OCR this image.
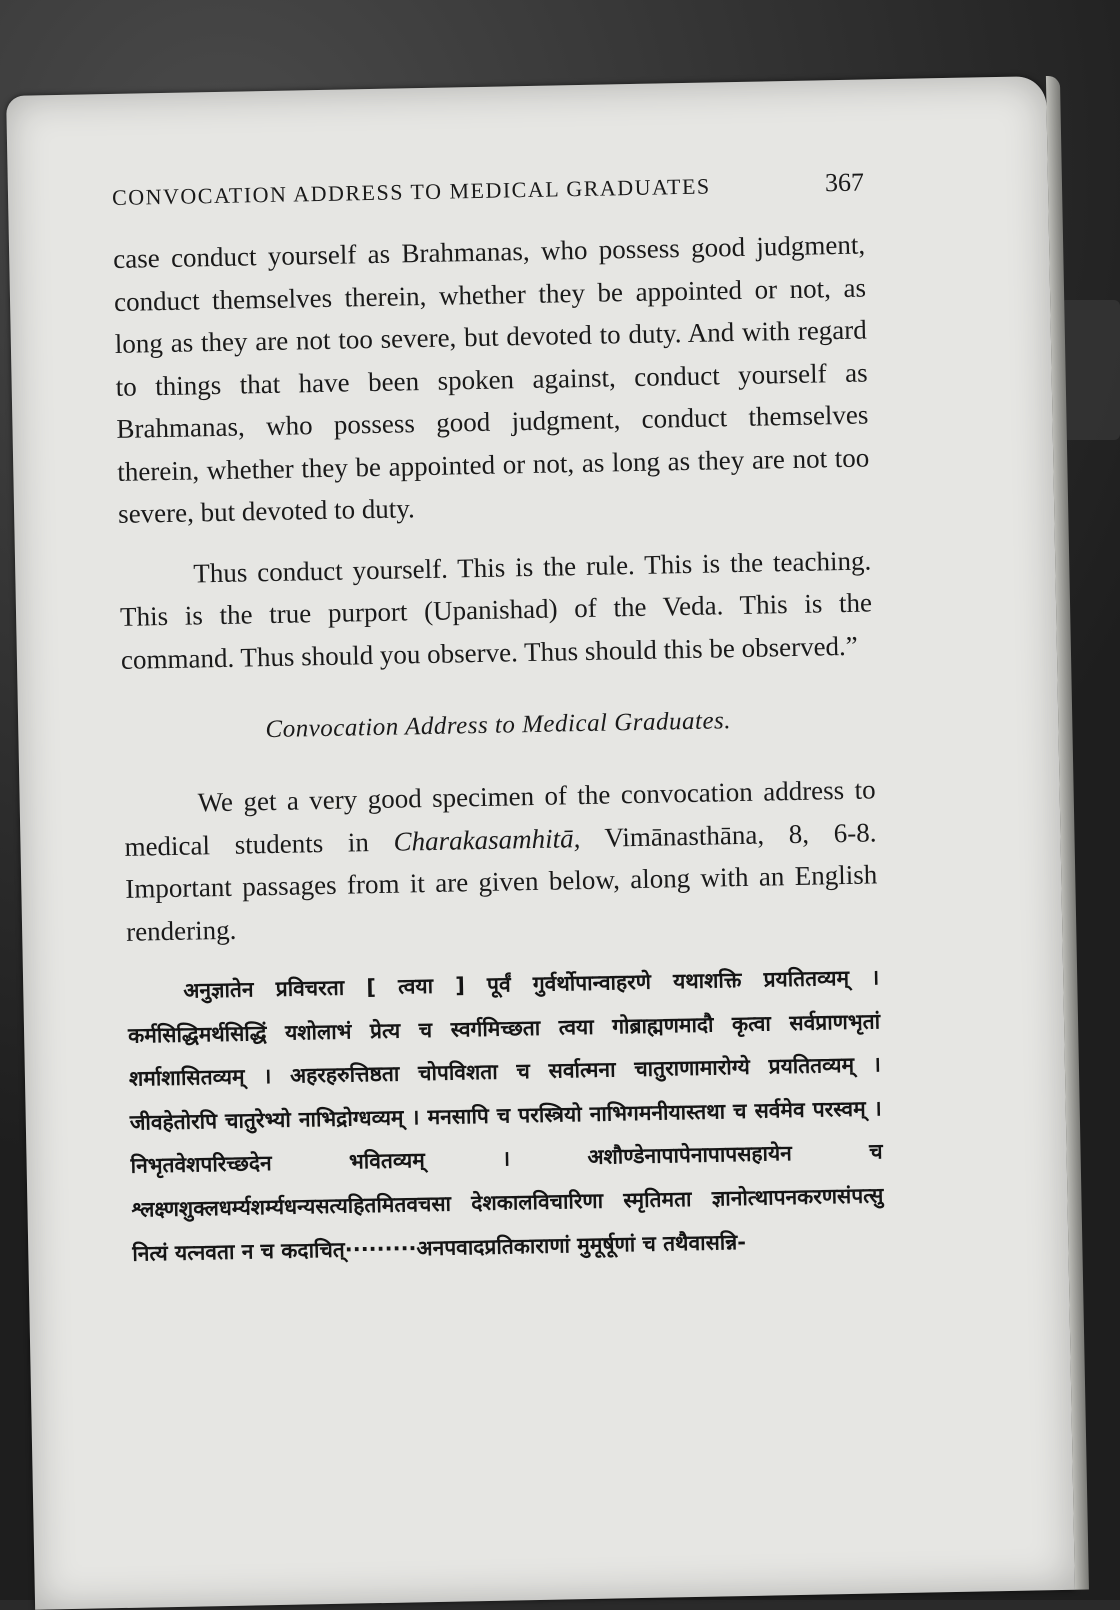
CONVOCATION ADDRESS TO MEDICAL GRADUATES	367

case conduct yourself as Brahmanas, who possess good judgment, conduct themselves therein, whether they be appointed or not, as long as they are not too severe, but devoted to duty. And with regard to things that have been spoken against, conduct yourself as Brahmanas, who possess good judgment, conduct themselves therein, whether they be appointed or not, as long as they are not too severe, but devoted to duty.

Thus conduct yourself. This is the rule. This is the teaching. This is the true purport (Upanishad) of the Veda. This is the command. Thus should you observe. Thus should this be observed.”

Convocation Address to Medical Graduates.

We get a very good specimen of the convocation address to medical students in Charakasamhitā, Vimānasthāna, 8, 6-8. Important passages from it are given below, along with an English rendering.

अनुज्ञातेन प्रविचरता [ त्वया ] पूर्वं गुर्वर्थोपान्वाहरणे यथाशक्ति प्रयतितव्यम् । कर्मसिद्धिमर्थसिद्धिं यशोलाभं प्रेत्य च स्वर्गमिच्छता त्वया गोब्राह्मणमादौ कृत्वा सर्वप्राणभृतां शर्माशासितव्यम् । अहरहरुत्तिष्ठता चोपविशता च सर्वात्मना चातुराणामारोग्ये प्रयतितव्यम् । जीवहेतोरपि चातुरेभ्यो नाभिद्रोग्धव्यम् । मनसापि च परस्त्रियो नाभिगमनीयास्तथा च सर्वमेव परस्वम् । निभृतवेशपरिच्छदेन भवितव्यम् । अशौण्डेनापापेनापापसहायेन च श्लक्ष्णशुक्लधर्म्यशर्म्यधन्यसत्यहितमितवचसा देशकालविचारिणा स्मृतिमता ज्ञानोत्थापनकरणसंपत्सु नित्यं यत्नवता न च कदाचित्·········अनपवादप्रतिकाराणां मुमूर्षूणां च तथैवासन्नि-
